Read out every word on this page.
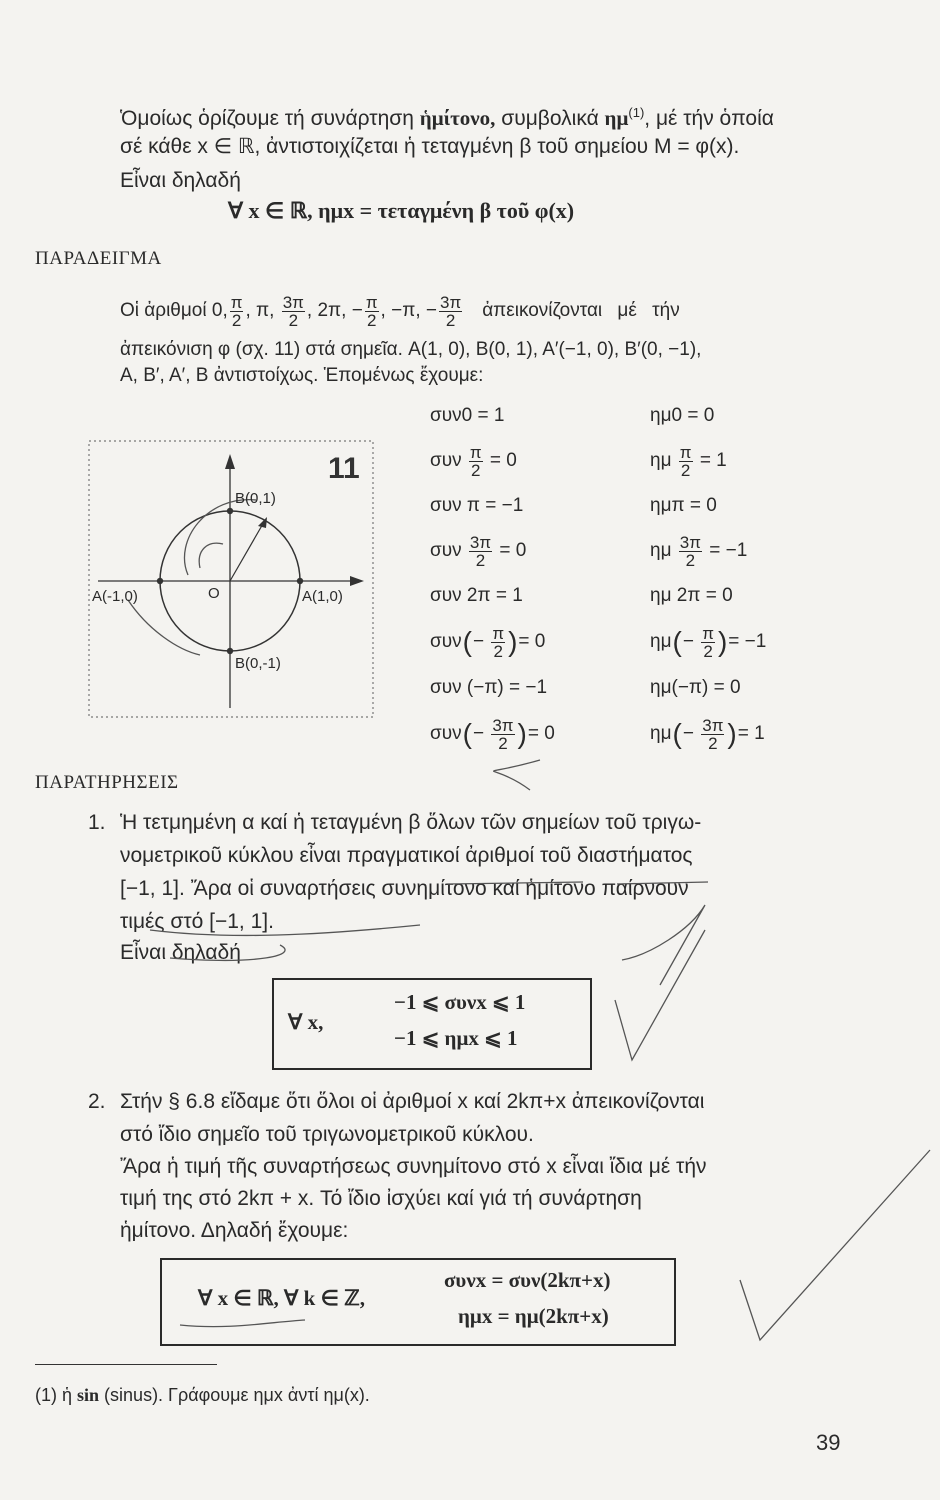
Ὁμοίως ὁρίζουμε τή συνάρτηση ἡμίτονο, συμβολικά $\eta\mu^{(1)}$, μέ τήν ὁποία
σέ κάθε x ∈ ℝ, ἀντιστοιχίζεται ἡ τεταγμένη β τοῦ σημείου M = φ(x).
Εἶναι δηλαδή
∀ x ∈ ℝ, ημx = τεταγμένη β τοῦ φ(x)
ΠΑΡΑΔΕΙΓΜΑ
Οἱ ἀριθμοί 0, $\frac{\pi}{2}$ ,
π ,
$\frac{3\pi}{2}$ ,
2π ,
− $\frac{\pi}{2}$ ,
−π ,
− $\frac{3\pi}{2}$ ἀπεικονίζονται μέ τήν
ἀπεικόνιση φ (σχ. 11) στά σημεῖα. A(1, 0), B(0, 1), A′(−1, 0), B′(0, −1),
A, B′, A′, B ἀντιστοίχως. Ἑπομένως ἔχουμε:
11
B(0,1)
A(1,0)
A(-1,0)
B(0,-1)
O
συν0 = 1
συν
$\frac{\pi}{2}$
= 0
συν π = −1
συν
$\frac{3\pi}{2}$
= 0
συν 2π = 1
συν ( −
$\frac{\pi}{2}$ ) = 0
συν (−π) = −1
συν ( −
$\frac{3\pi}{2}$ ) = 0
ημ0 = 0
ημ
$\frac{\pi}{2}$
= 1
ημπ = 0
ημ
$\frac{3\pi}{2}$
= −1
ημ 2π = 0
ημ ( −
$\frac{\pi}{2}$ ) = −1
ημ(−π) = 0
ημ ( −
$\frac{3\pi}{2}$ ) = 1
ΠΑΡΑΤΗΡΗΣΕΙΣ
1. Ἡ τετμημένη α καί ἡ τεταγμένη β ὅλων τῶν σημείων τοῦ τριγω-
νομετρικοῦ κύκλου εἶναι πραγματικοί ἀριθμοί τοῦ διαστήματος
[−1, 1]. Ἄρα οἱ συναρτήσεις συνημίτονο καί ἡμίτονο παίρνουν
τιμές στό [−1, 1].
Εἶναι δηλαδή
∀ x,
−1 ⩽ συνx ⩽ 1
−1 ⩽ ημx ⩽ 1
2. Στήν § 6.8 εἴδαμε ὅτι ὅλοι οἱ ἀριθμοί x καί 2kπ+x ἀπεικονίζονται
στό ἴδιο σημεῖο τοῦ τριγωνομετρικοῦ κύκλου.
Ἄρα ἡ τιμή τῆς συναρτήσεως συνημίτονο στό x εἶναι ἴδια μέ τήν
τιμή της στό 2kπ + x. Τό ἴδιο ἰσχύει καί γιά τή συνάρτηση
ἡμίτονο. Δηλαδή ἔχουμε:
∀ x ∈ ℝ, ∀ k ∈ ℤ,
συνx = συν(2kπ+x)
ημx = ημ(2kπ+x)
(1) ἡ sin (sinus). Γράφουμε ημx ἀντί ημ(x).
39
